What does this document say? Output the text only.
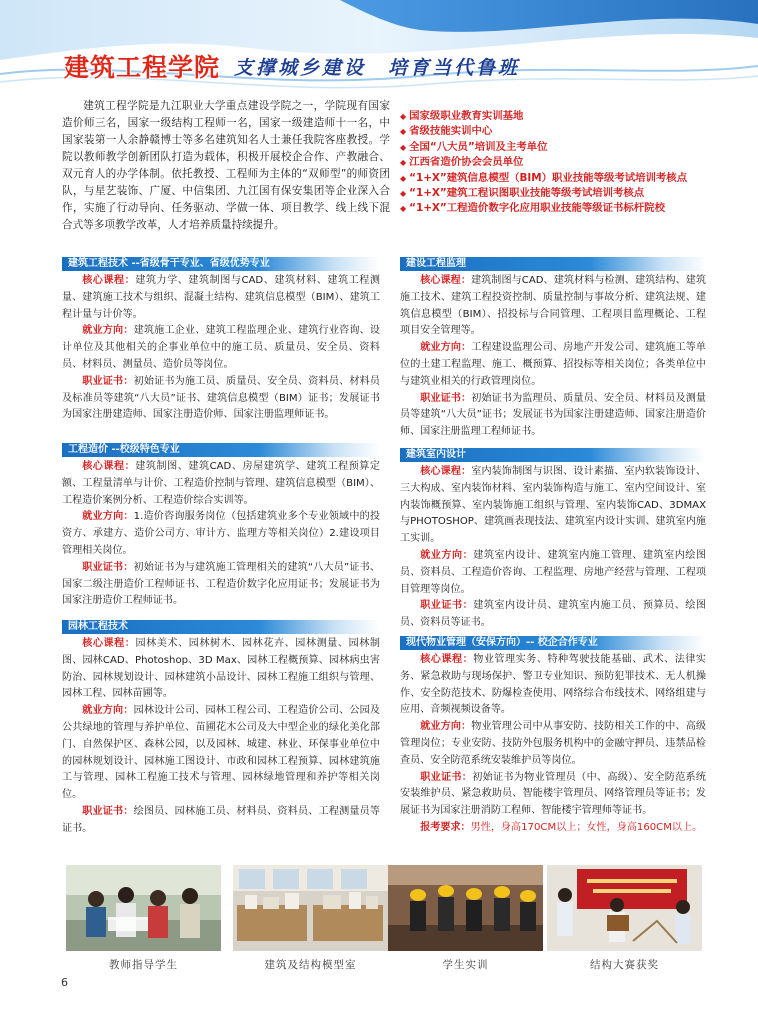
建筑工程学院 支撑城乡建设　培育当代鲁班
建筑工程学院是九江职业大学重点建设学院之一，学院现有国家造价师三名，国家一级结构工程师一名，国家一级建造师十一名，中国家装第一人余静赣博士等多名建筑知名人士兼任我院客座教授。学院以教师教学创新团队打造为载体，积极开展校企合作、产教融合、双元育人的办学体制。依托教授、工程师为主体的“双师型”的师资团队，与星艺装饰、广厦、中信集团、九江国有保安集团等企业深入合作，实施了行动导向、任务驱动、学做一体、项目教学、线上线下混合式等多项教学改革，人才培养质量持续提升。
◆ 国家级职业教育实训基地
◆ 省级技能实训中心
◆ 全国“八大员”培训及主考单位
◆ 江西省造价协会会员单位
◆ “1+X”建筑信息模型（BIM）职业技能等级考试培训考核点
◆ “1+X”建筑工程识图职业技能等级考试培训考核点
◆ “1+X”工程造价数字化应用职业技能等级证书标杆院校
建筑工程技术 --省级骨干专业、省级优势专业

核心课程：建筑力学、建筑制图与CAD、建筑材料、建筑工程测量、建筑施工技术与组织、混凝土结构、建筑信息模型（BIM）、建筑工程计量与计价等。

就业方向：建筑施工企业、建筑工程监理企业、建筑行业咨询、设计单位及其他相关的企事业单位中的施工员、质量员、安全员、资料员、材料员、测量员、造价员等岗位。

职业证书：初始证书为施工员、质量员、安全员、资料员、材料员及标准员等建筑“八大员”证书、建筑信息模型（BIM）证书；发展证书为国家注册建造师、国家注册造价师、国家注册监理师证书。

工程造价 --校级特色专业

核心课程：建筑制图、建筑CAD、房屋建筑学、建筑工程预算定额、工程量清单与计价、工程造价控制与管理、建筑信息模型（BIM）、工程造价案例分析、工程造价综合实训等。

就业方向：1.造价咨询服务岗位（包括建筑业多个专业领域中的投资方、承建方、造价公司方、审计方、监理方等相关岗位）2.建设项目管理相关岗位。

职业证书：初始证书为与建筑施工管理相关的建筑“八大员”证书、国家二级注册造价工程师证书、工程造价数字化应用证书；发展证书为国家注册造价工程师证书。

园林工程技术

核心课程：园林美术、园林树木、园林花卉、园林测量、园林制图、园林CAD、Photoshop、3D Max、园林工程概预算、园林病虫害防治、园林规划设计、园林建筑小品设计、园林工程施工组织与管理、园林工程、园林苗圃等。

就业方向：园林设计公司、园林工程公司、工程造价公司、公园及公共绿地的管理与养护单位、苗圃花木公司及大中型企业的绿化美化部门、自然保护区、森林公园，以及园林、城建、林业、环保事业单位中的园林规划设计、园林施工图设计、市政和园林工程预算、园林建筑施工与管理、园林工程施工技术与管理、园林绿地管理和养护等相关岗位。

职业证书：绘图员、园林施工员、材料员、资料员、工程测量员等证书。

建设工程监理

核心课程：建筑制图与CAD、建筑材料与检测、建筑结构、建筑施工技术、建筑工程投资控制、质量控制与事故分析、建筑法规、建筑信息模型（BIM）、招投标与合同管理、工程项目监理概论、工程项目安全管理等。

就业方向：工程建设监理公司、房地产开发公司、建筑施工等单位的土建工程监理、施工、概预算、招投标等相关岗位；各类单位中与建筑业相关的行政管理岗位。

职业证书：初始证书为监理员、质量员、安全员、材料员及测量员等建筑“八大员”证书；发展证书为国家注册建造师、国家注册造价师、国家注册监理工程师证书。

建筑室内设计

核心课程：室内装饰制图与识图、设计素描、室内软装饰设计、三大构成、室内装饰材料、室内装饰构造与施工、室内空间设计、室内装饰概预算、室内装饰施工组织与管理、室内装饰CAD、3DMAX与PHOTOSHOP、建筑画表现技法、建筑室内设计实训、建筑室内施工实训。

就业方向：建筑室内设计、建筑室内施工管理、建筑室内绘图员、资料员、工程造价咨询、工程监理、房地产经营与管理、工程项目管理等岗位。

职业证书：建筑室内设计员、建筑室内施工员、预算员、绘图员、资料员等证书。

现代物业管理（安保方向）-- 校企合作专业

核心课程：物业管理实务、特种驾驶技能基础、武术、法律实务、紧急救助与现场保护、警卫专业知识、预防犯罪技术、无人机操作、安全防范技术、防爆检查使用、网络综合布线技术、网络组建与应用、音频视频设备等。

就业方向：物业管理公司中从事安防、技防相关工作的中、高级管理岗位；专业安防、技防外包服务机构中的金融守押员、违禁品检查员、安全防范系统安装维护员等岗位。

职业证书：初始证书为物业管理员（中、高级）、安全防范系统安装维护员、紧急救助员、智能楼宇管理员、网络管理员等证书；发展证书为国家注册消防工程师、智能楼宇管理师等证书。

报考要求：男性，身高170CM以上；女性，身高160CM以上。

教师指导学生	建筑及结构模型室	学生实训	结构大赛获奖
6
